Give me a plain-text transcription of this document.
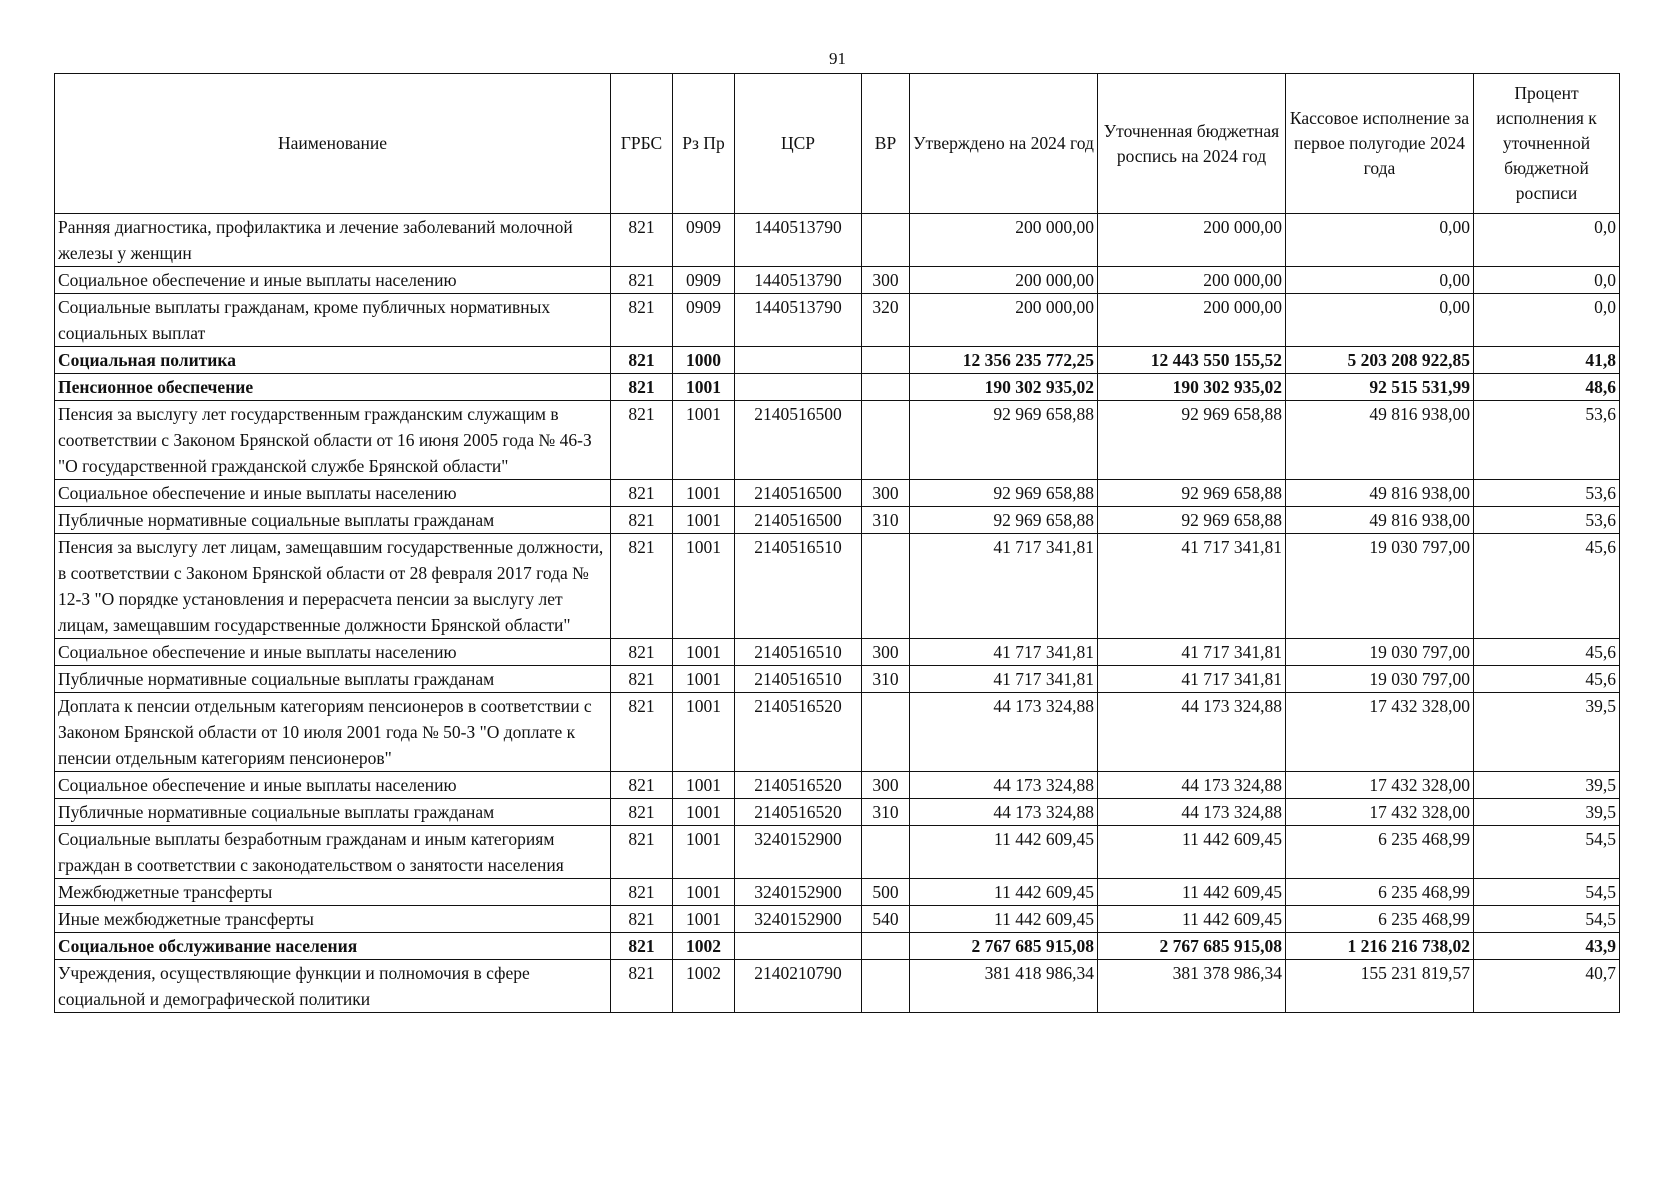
91
Наименование	ГРБС	Рз Пр	ЦСР	ВР	Утверждено на 2024 год	Уточненная бюджетная роспись на 2024 год	Кассовое исполнение за первое полугодие 2024 года	Процент исполнения к уточненной бюджетной росписи
Ранняя диагностика, профилактика и лечение заболеваний молочной железы у женщин	821	0909	1440513790		200 000,00	200 000,00	0,00	0,0
Социальное обеспечение и иные выплаты населению	821	0909	1440513790	300	200 000,00	200 000,00	0,00	0,0
Социальные выплаты гражданам, кроме публичных нормативных социальных выплат	821	0909	1440513790	320	200 000,00	200 000,00	0,00	0,0
Социальная политика	821	1000			12 356 235 772,25	12 443 550 155,52	5 203 208 922,85	41,8
Пенсионное обеспечение	821	1001			190 302 935,02	190 302 935,02	92 515 531,99	48,6
Пенсия за выслугу лет государственным гражданским служащим в соответствии с Законом Брянской области от 16 июня 2005 года № 46-З "О государственной гражданской службе Брянской области"	821	1001	2140516500		92 969 658,88	92 969 658,88	49 816 938,00	53,6
Социальное обеспечение и иные выплаты населению	821	1001	2140516500	300	92 969 658,88	92 969 658,88	49 816 938,00	53,6
Публичные нормативные социальные выплаты гражданам	821	1001	2140516500	310	92 969 658,88	92 969 658,88	49 816 938,00	53,6
Пенсия за выслугу лет лицам, замещавшим государственные должности, в соответствии с Законом Брянской области от 28 февраля 2017 года № 12-З "О порядке установления и перерасчета пенсии за выслугу лет лицам, замещавшим государственные должности Брянской области"	821	1001	2140516510		41 717 341,81	41 717 341,81	19 030 797,00	45,6
Социальное обеспечение и иные выплаты населению	821	1001	2140516510	300	41 717 341,81	41 717 341,81	19 030 797,00	45,6
Публичные нормативные социальные выплаты гражданам	821	1001	2140516510	310	41 717 341,81	41 717 341,81	19 030 797,00	45,6
Доплата к пенсии отдельным категориям пенсионеров в соответствии с Законом Брянской области от 10 июля 2001 года № 50-З "О доплате к пенсии отдельным категориям пенсионеров"	821	1001	2140516520		44 173 324,88	44 173 324,88	17 432 328,00	39,5
Социальное обеспечение и иные выплаты населению	821	1001	2140516520	300	44 173 324,88	44 173 324,88	17 432 328,00	39,5
Публичные нормативные социальные выплаты гражданам	821	1001	2140516520	310	44 173 324,88	44 173 324,88	17 432 328,00	39,5
Социальные выплаты безработным гражданам и иным категориям граждан в соответствии с законодательством о занятости населения	821	1001	3240152900		11 442 609,45	11 442 609,45	6 235 468,99	54,5
Межбюджетные трансферты	821	1001	3240152900	500	11 442 609,45	11 442 609,45	6 235 468,99	54,5
Иные межбюджетные трансферты	821	1001	3240152900	540	11 442 609,45	11 442 609,45	6 235 468,99	54,5
Социальное обслуживание населения	821	1002			2 767 685 915,08	2 767 685 915,08	1 216 216 738,02	43,9
Учреждения, осуществляющие функции и полномочия в сфере социальной и демографической политики	821	1002	2140210790		381 418 986,34	381 378 986,34	155 231 819,57	40,7
